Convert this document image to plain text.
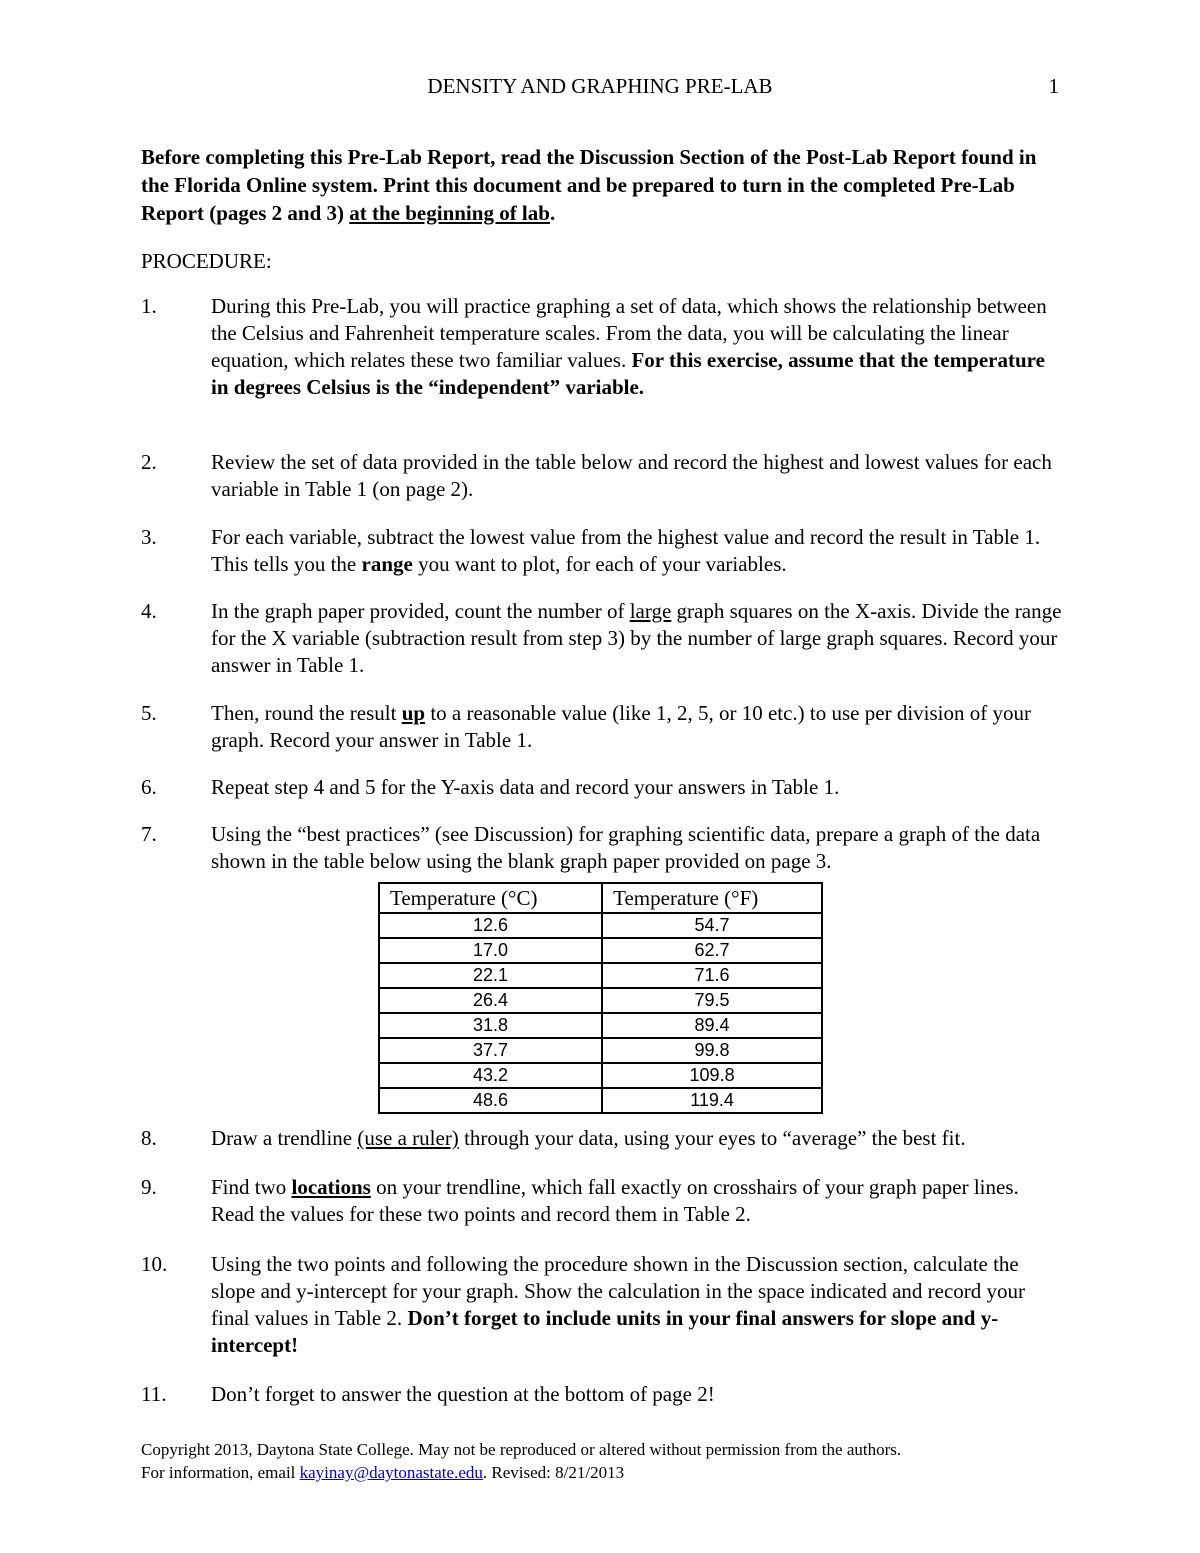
DENSITY AND GRAPHING PRE-LAB	1
Before completing this Pre-Lab Report, read the Discussion Section of the Post-Lab Report found in the Florida Online system. Print this document and be prepared to turn in the completed Pre-Lab Report (pages 2 and 3) at the beginning of lab.
PROCEDURE:
1.	During this Pre-Lab, you will practice graphing a set of data, which shows the relationship between the Celsius and Fahrenheit temperature scales. From the data, you will be calculating the linear equation, which relates these two familiar values. For this exercise, assume that the temperature in degrees Celsius is the “independent” variable.
2.	Review the set of data provided in the table below and record the highest and lowest values for each variable in Table 1 (on page 2).
3.	For each variable, subtract the lowest value from the highest value and record the result in Table 1. This tells you the range you want to plot, for each of your variables.
4.	In the graph paper provided, count the number of large graph squares on the X-axis. Divide the range for the X variable (subtraction result from step 3) by the number of large graph squares. Record your answer in Table 1.
5.	Then, round the result up to a reasonable value (like 1, 2, 5, or 10 etc.) to use per division of your graph. Record your answer in Table 1.
6.	Repeat step 4 and 5 for the Y-axis data and record your answers in Table 1.
7.	Using the “best practices” (see Discussion) for graphing scientific data, prepare a graph of the data shown in the table below using the blank graph paper provided on page 3.
Temperature (°C)	Temperature (°F)
12.6	54.7
17.0	62.7
22.1	71.6
26.4	79.5
31.8	89.4
37.7	99.8
43.2	109.8
48.6	119.4
8.	Draw a trendline (use a ruler) through your data, using your eyes to “average” the best fit.
9.	Find two locations on your trendline, which fall exactly on crosshairs of your graph paper lines. Read the values for these two points and record them in Table 2.
10. Using the two points and following the procedure shown in the Discussion section, calculate the slope and y-intercept for your graph. Show the calculation in the space indicated and record your final values in Table 2. Don’t forget to include units in your final answers for slope and y-intercept!
11. Don’t forget to answer the question at the bottom of page 2!
Copyright 2013, Daytona State College. May not be reproduced or altered without permission from the authors.
For information, email kayinay@daytonastate.edu. Revised: 8/21/2013
